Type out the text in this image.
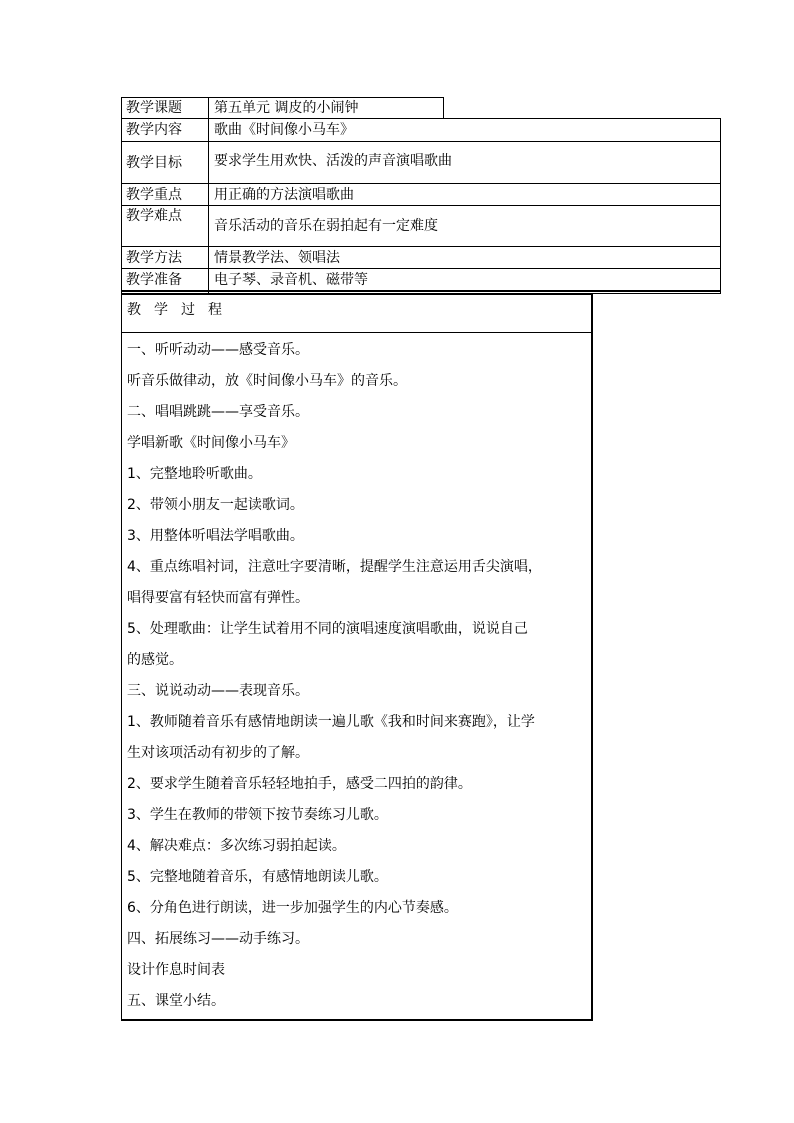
教学课题 第五单元 调皮的小闹钟
教学内容 歌曲《时间像小马车》
教学目标 要求学生用欢快、活泼的声音演唱歌曲
教学重点 用正确的方法演唱歌曲
教学难点
音乐活动的音乐在弱拍起有一定难度
教学方法 情景教学法、领唱法
教学准备 电子琴、录音机、磁带等
教学过程
一、听听动动——感受音乐。
听音乐做律动，放《时间像小马车》的音乐。
二、唱唱跳跳——享受音乐。
学唱新歌《时间像小马车》
1、完整地聆听歌曲。
2、带领小朋友一起读歌词。
3、用整体听唱法学唱歌曲。
4、重点练唱衬词，注意吐字要清晰，提醒学生注意运用舌尖演唱，
唱得要富有轻快而富有弹性。
5、处理歌曲：让学生试着用不同的演唱速度演唱歌曲，说说自己
的感觉。
三、说说动动——表现音乐。
1、教师随着音乐有感情地朗读一遍儿歌《我和时间来赛跑》，让学
生对该项活动有初步的了解。
2、要求学生随着音乐轻轻地拍手，感受二四拍的韵律。
3、学生在教师的带领下按节奏练习儿歌。
4、解决难点：多次练习弱拍起读。
5、完整地随着音乐，有感情地朗读儿歌。
6、分角色进行朗读，进一步加强学生的内心节奏感。
四、拓展练习——动手练习。
设计作息时间表
五、课堂小结。
